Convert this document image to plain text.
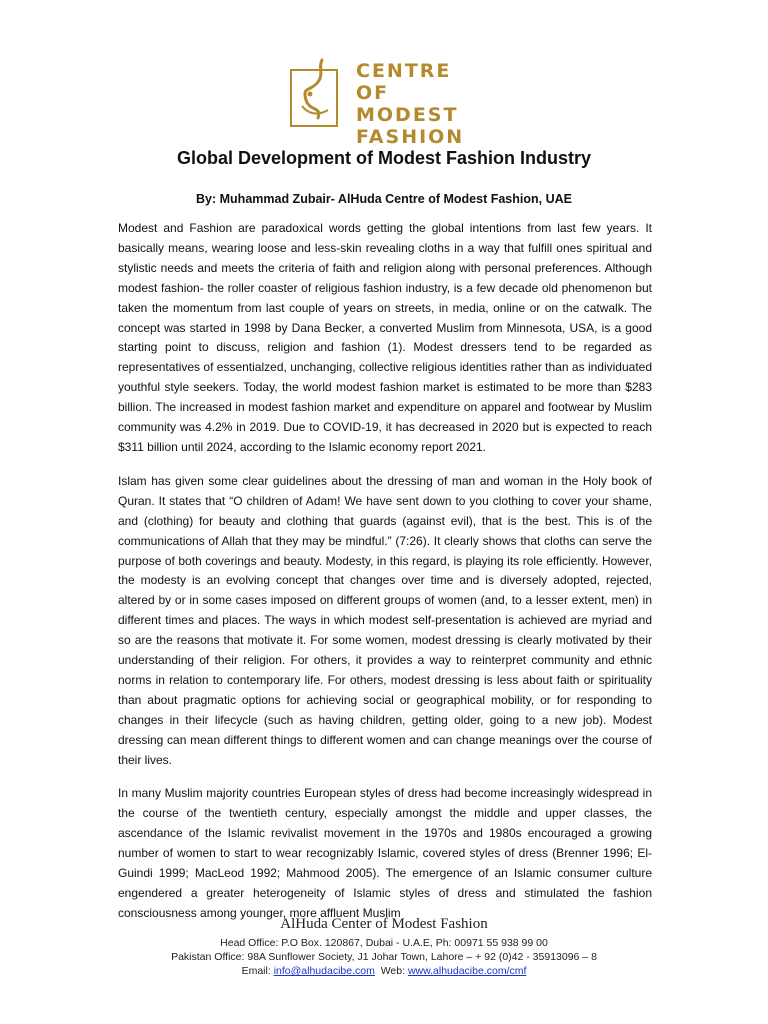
CENTRE
OF MODEST
FASHION
Global Development of Modest Fashion Industry
By: Muhammad Zubair- AlHuda Centre of Modest Fashion, UAE

Modest and Fashion are paradoxical words getting the global intentions from last few years. It basically means, wearing loose and less-skin revealing cloths in a way that fulfill ones spiritual and stylistic needs and meets the criteria of faith and religion along with personal preferences. Although modest fashion- the roller coaster of religious fashion industry, is a few decade old phenomenon but taken the momentum from last couple of years on streets, in media, online or on the catwalk. The concept was started in 1998 by Dana Becker, a converted Muslim from Minnesota, USA, is a good starting point to discuss, religion and fashion (1). Modest dressers tend to be regarded as representatives of essentialzed, unchanging, collective religious identities rather than as individuated youthful style seekers. Today, the world modest fashion market is estimated to be more than $283 billion. The increased in modest fashion market and expenditure on apparel and footwear by Muslim community was 4.2% in 2019. Due to COVID-19, it has decreased in 2020 but is expected to reach $311 billion until 2024, according to the Islamic economy report 2021.

Islam has given some clear guidelines about the dressing of man and woman in the Holy book of Quran. It states that “O children of Adam! We have sent down to you clothing to cover your shame, and (clothing) for beauty and clothing that guards (against evil), that is the best. This is of the communications of Allah that they may be mindful.” (7:26). It clearly shows that cloths can serve the purpose of both coverings and beauty. Modesty, in this regard, is playing its role efficiently. However, the modesty is an evolving concept that changes over time and is diversely adopted, rejected, altered by or in some cases imposed on different groups of women (and, to a lesser extent, men) in different times and places. The ways in which modest self-presentation is achieved are myriad and so are the reasons that motivate it. For some women, modest dressing is clearly motivated by their understanding of their religion. For others, it provides a way to reinterpret community and ethnic norms in relation to contemporary life. For others, modest dressing is less about faith or spirituality than about pragmatic options for achieving social or geographical mobility, or for responding to changes in their lifecycle (such as having children, getting older, going to a new job). Modest dressing can mean different things to different women and can change meanings over the course of their lives.

In many Muslim majority countries European styles of dress had become increasingly widespread in the course of the twentieth century, especially amongst the middle and upper classes, the ascendance of the Islamic revivalist movement in the 1970s and 1980s encouraged a growing number of women to start to wear recognizably Islamic, covered styles of dress (Brenner 1996; El-Guindi 1999; MacLeod 1992; Mahmood 2005). The emergence of an Islamic consumer culture engendered a greater heterogeneity of Islamic styles of dress and stimulated the fashion consciousness among younger, more affluent Muslim

AlHuda Center of Modest Fashion
Head Office: P.O Box. 120867, Dubai - U.A.E, Ph: 00971 55 938 99 00
Pakistan Office: 98A Sunflower Society, J1 Johar Town, Lahore – + 92 (0)42 - 35913096 – 8
Email: info@alhudacibe.com Web: www.alhudacibe.com/cmf
